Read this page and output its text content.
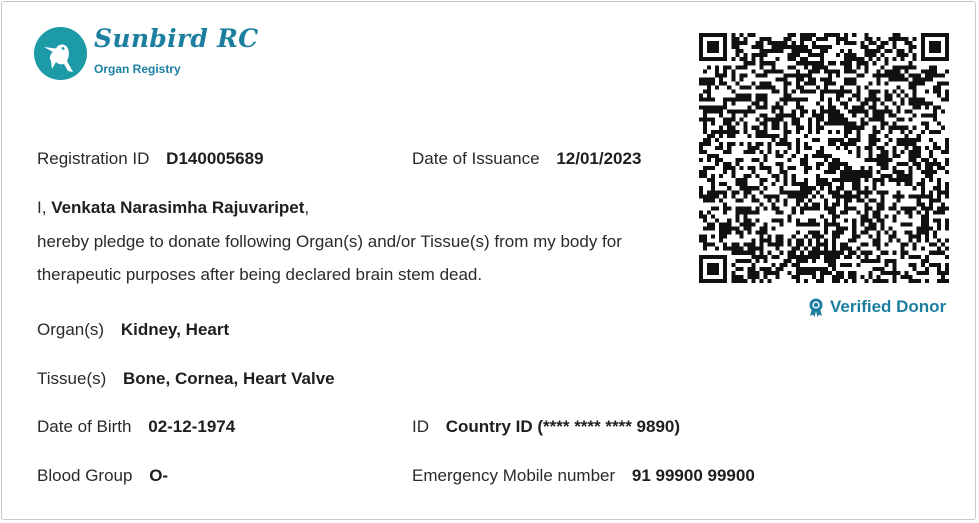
Sunbird RC
Organ Registry
Registration ID D140005689	Date of Issuance 12/01/2023
I, Venkata Narasimha Rajuvaripet,
hereby pledge to donate following Organ(s) and/or Tissue(s) from my body for
therapeutic purposes after being declared brain stem dead.
Organ(s) Kidney, Heart
Tissue(s) Bone, Cornea, Heart Valve
Date of Birth 02-12-1974	ID Country ID (**** **** **** 9890)
Blood Group O-	Emergency Mobile number 91 99900 99900
Verified Donor
